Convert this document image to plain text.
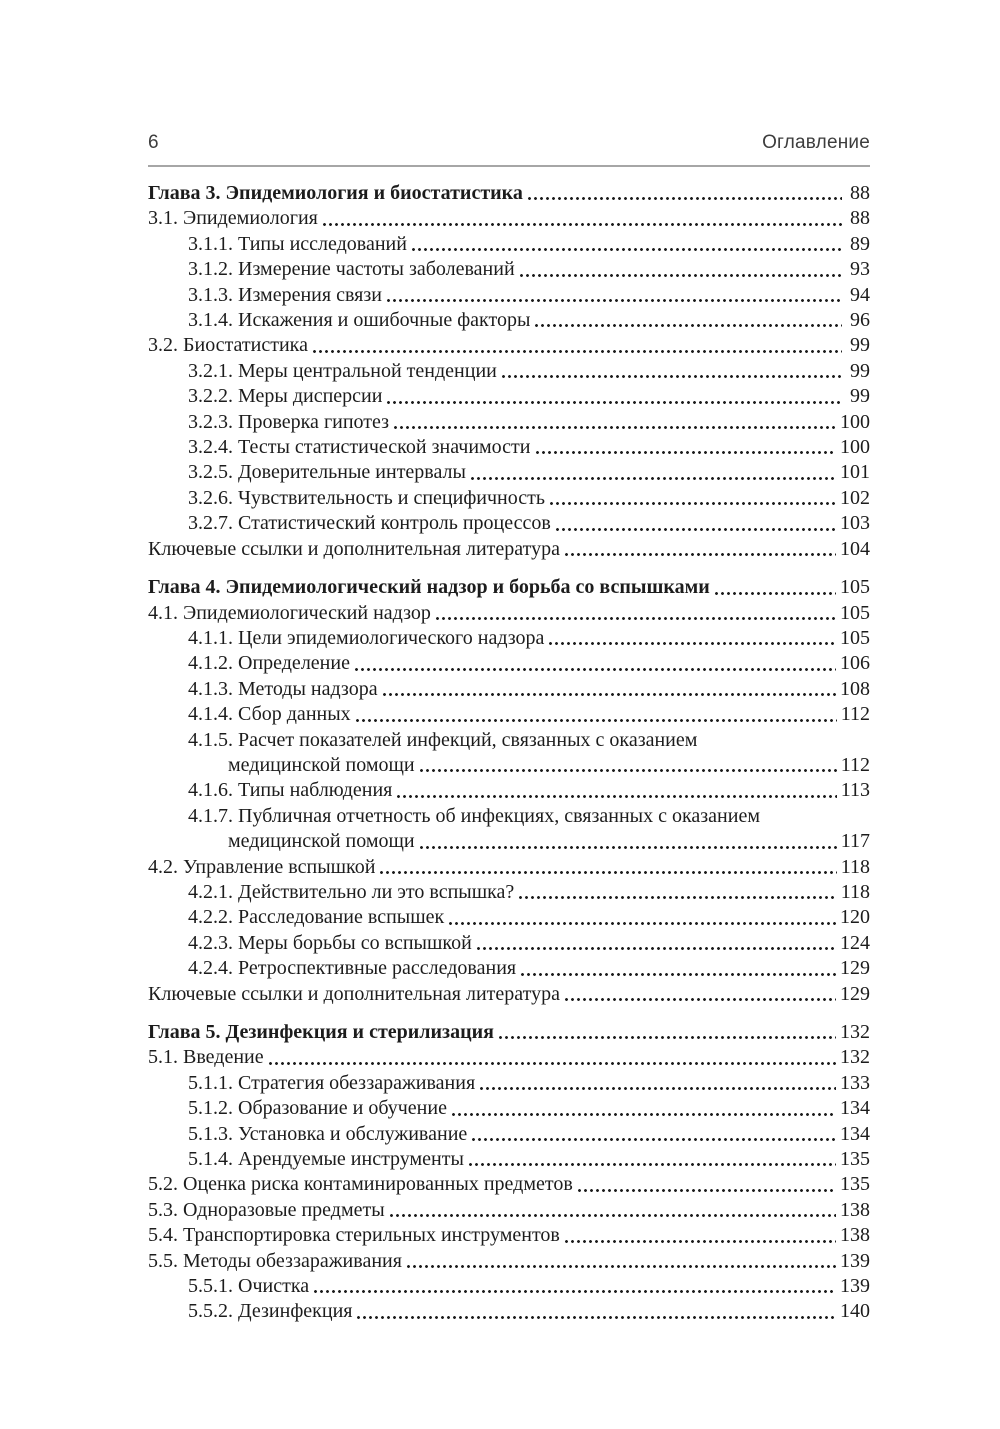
6	Оглавление
Глава 3. Эпидемиология и биостатистика	88
3.1. Эпидемиология	88
3.1.1. Типы исследований	89
3.1.2. Измерение частоты заболеваний	93
3.1.3. Измерения связи	94
3.1.4. Искажения и ошибочные факторы	96
3.2. Биостатистика	99
3.2.1. Меры центральной тенденции	99
3.2.2. Меры дисперсии	99
3.2.3. Проверка гипотез	100
3.2.4. Тесты статистической значимости	100
3.2.5. Доверительные интервалы	101
3.2.6. Чувствительность и специфичность	102
3.2.7. Статистический контроль процессов	103
Ключевые ссылки и дополнительная литература	104
Глава 4. Эпидемиологический надзор и борьба со вспышками	105
4.1. Эпидемиологический надзор	105
4.1.1. Цели эпидемиологического надзора	105
4.1.2. Определение	106
4.1.3. Методы надзора	108
4.1.4. Сбор данных	112
4.1.5. Расчет показателей инфекций, связанных с оказанием
медицинской помощи	112
4.1.6. Типы наблюдения	113
4.1.7. Публичная отчетность об инфекциях, связанных с оказанием
медицинской помощи	117
4.2. Управление вспышкой	118
4.2.1. Действительно ли это вспышка?	118
4.2.2. Расследование вспышек	120
4.2.3. Меры борьбы со вспышкой	124
4.2.4. Ретроспективные расследования	129
Ключевые ссылки и дополнительная литература	129
Глава 5. Дезинфекция и стерилизация	132
5.1. Введение	132
5.1.1. Стратегия обеззараживания	133
5.1.2. Образование и обучение	134
5.1.3. Установка и обслуживание	134
5.1.4. Арендуемые инструменты	135
5.2. Оценка риска контаминированных предметов	135
5.3. Одноразовые предметы	138
5.4. Транспортировка стерильных инструментов	138
5.5. Методы обеззараживания	139
5.5.1. Очистка	139
5.5.2. Дезинфекция	140
